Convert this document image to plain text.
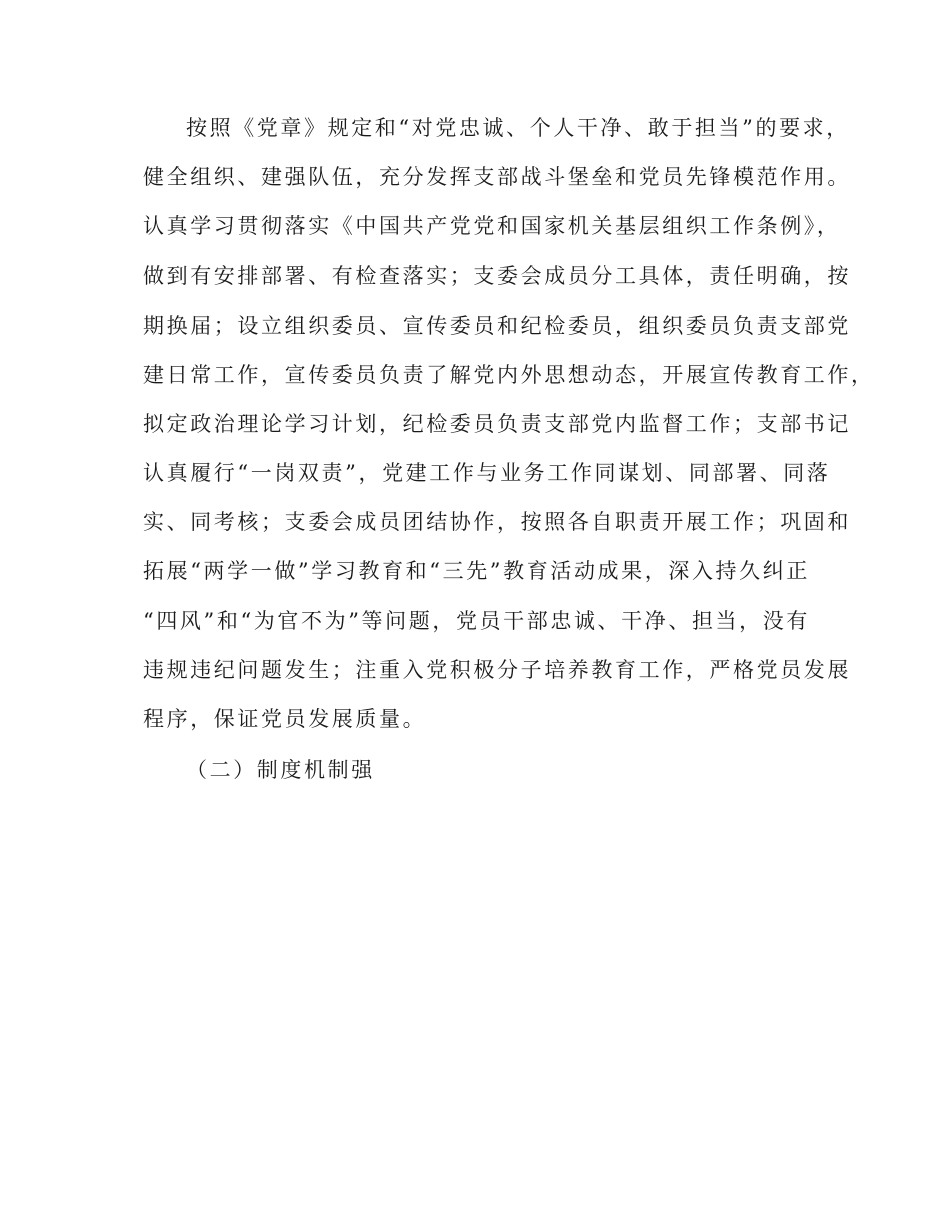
按照《党章》规定和“对党忠诚、个人干净、敢于担当”的要求，
健全组织、建强队伍，充分发挥支部战斗堡垒和党员先锋模范作用。
认真学习贯彻落实《中国共产党党和国家机关基层组织工作条例》，
做到有安排部署、有检查落实；支委会成员分工具体，责任明确，按
期换届；设立组织委员、宣传委员和纪检委员，组织委员负责支部党
建日常工作，宣传委员负责了解党内外思想动态，开展宣传教育工作，
拟定政治理论学习计划，纪检委员负责支部党内监督工作；支部书记
认真履行“一岗双责”，党建工作与业务工作同谋划、同部署、同落
实、同考核；支委会成员团结协作，按照各自职责开展工作；巩固和
拓展“两学一做”学习教育和“三先”教育活动成果，深入持久纠正
“四风”和“为官不为”等问题，党员干部忠诚、干净、担当，没有
违规违纪问题发生；注重入党积极分子培养教育工作，严格党员发展
程序，保证党员发展质量。
（二）制度机制强
